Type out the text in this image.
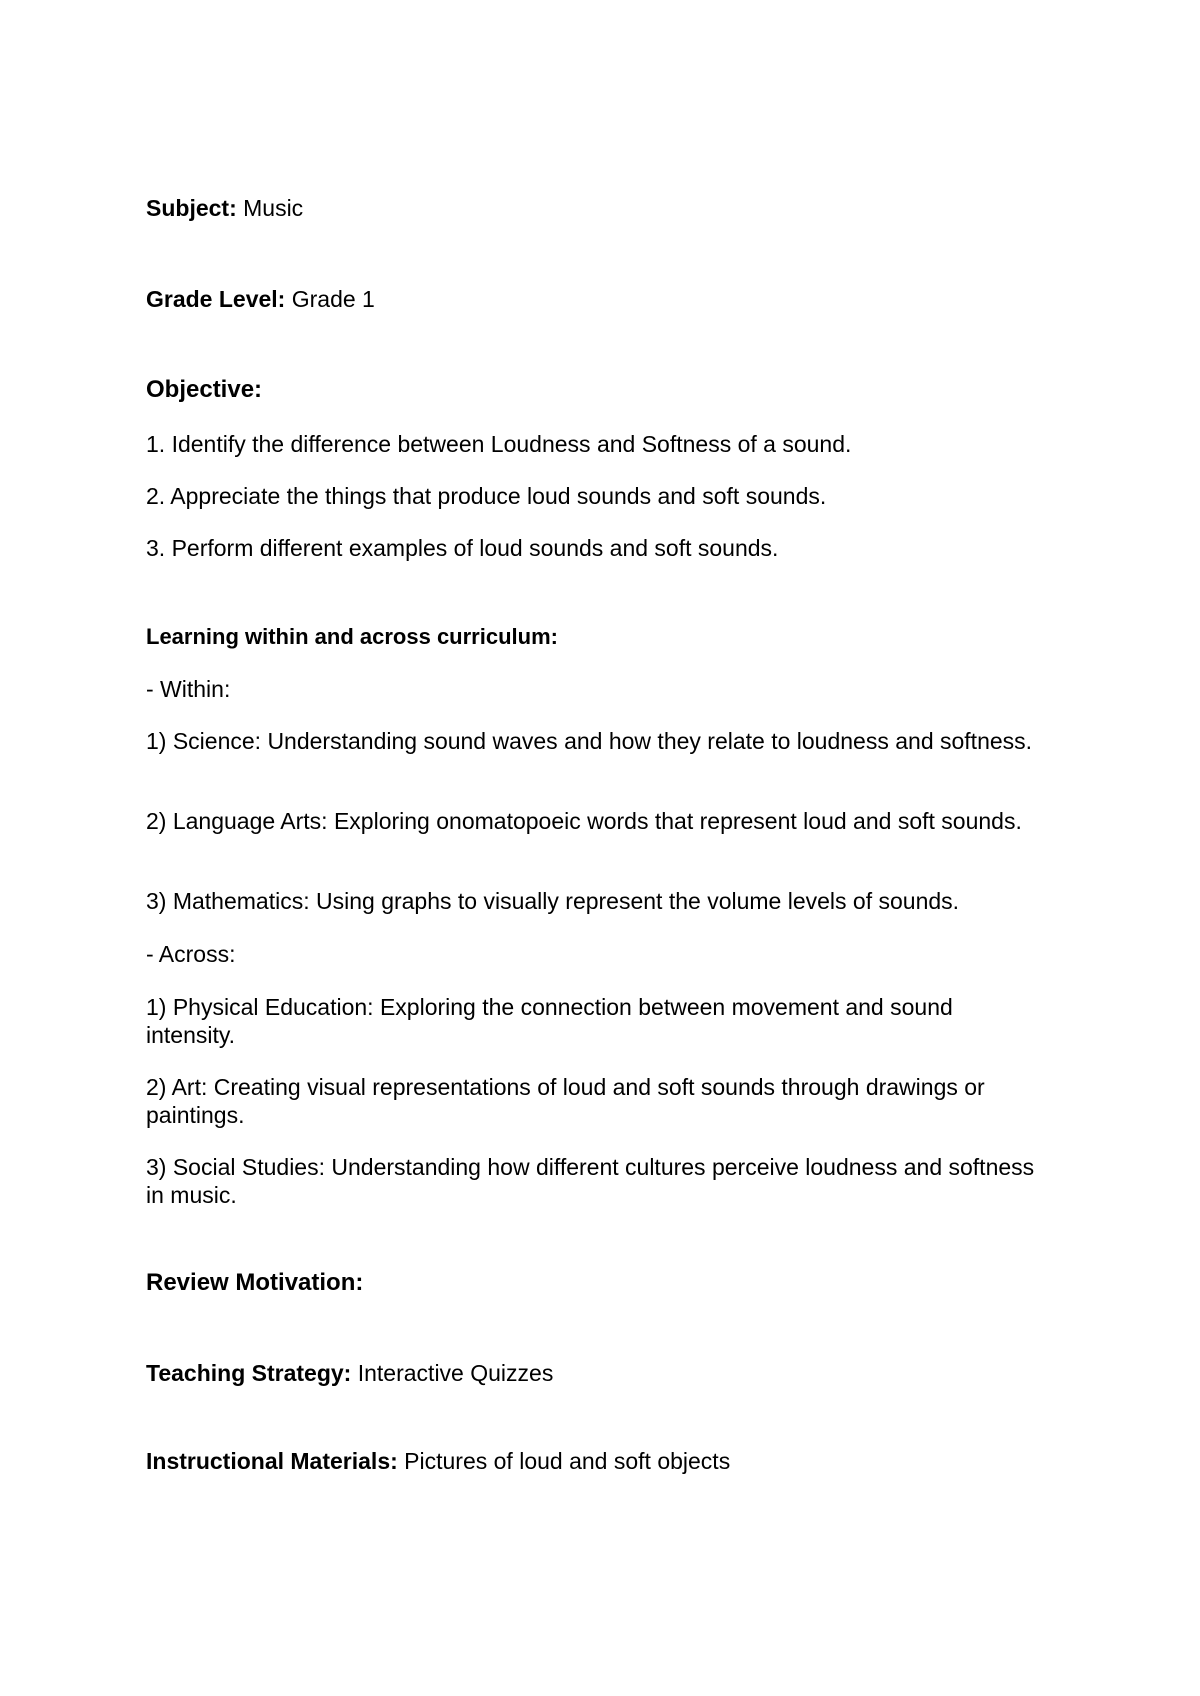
Subject: Music
Grade Level: Grade 1
Objective:
1. Identify the difference between Loudness and Softness of a sound.
2. Appreciate the things that produce loud sounds and soft sounds.
3. Perform different examples of loud sounds and soft sounds.
Learning within and across curriculum:
- Within:
1) Science: Understanding sound waves and how they relate to loudness and softness.
2) Language Arts: Exploring onomatopoeic words that represent loud and soft sounds.
3) Mathematics: Using graphs to visually represent the volume levels of sounds.
- Across:
1) Physical Education: Exploring the connection between movement and sound intensity.
2) Art: Creating visual representations of loud and soft sounds through drawings or paintings.
3) Social Studies: Understanding how different cultures perceive loudness and softness in music.
Review Motivation:
Teaching Strategy: Interactive Quizzes
Instructional Materials: Pictures of loud and soft objects
